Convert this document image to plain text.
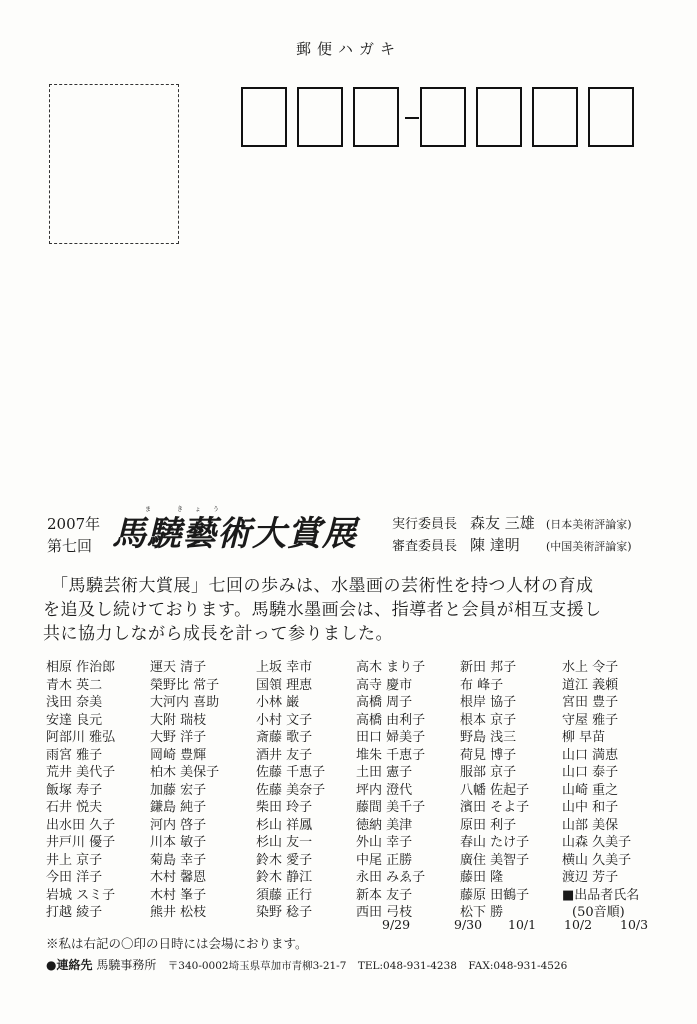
郵便ハガキ
2007年
第七回
ま きょう
馬驍藝術大賞展	実行委員長 森友 三雄 (日本美術評論家)
審査委員長 陳 達明 (中国美術評論家)
「馬驍芸術大賞展」七回の歩みは、水墨画の芸術性を持つ人材の育成
を追及し続けております。馬驍水墨画会は、指導者と会員が相互支援し
共に協力しながら成長を計って参りました。
相原 作治郎
青木 英二
浅田 奈美
安達 良元
阿部川 雅弘
雨宮 雅子
荒井 美代子
飯塚 寿子
石井 悦夫
出水田 久子
井戸川 優子
井上 京子
今田 洋子
岩城 スミ子
打越 綾子
運天 清子
榮野比 常子
大河内 喜助
大附 瑞枝
大野 洋子
岡崎 豊輝
柏木 美保子
加藤 宏子
鎌島 純子
河内 啓子
川本 敏子
菊島 幸子
木村 馨恩
木村 峯子
熊井 松枝
上坂 幸市
国領 理恵
小林 巌
小村 文子
斎藤 歌子
酒井 友子
佐藤 千恵子
佐藤 美奈子
柴田 玲子
杉山 祥鳳
杉山 友一
鈴木 愛子
鈴木 静江
須藤 正行
染野 稔子
高木 まり子
高寺 慶市
高橋 周子
高橋 由利子
田口 婦美子
堆朱 千恵子
土田 憲子
坪内 澄代
藤間 美千子
徳納 美津
外山 幸子
中尾 正勝
永田 みゑ子
新本 友子
西田 弓枝
新田 邦子
布 峰子
根岸 協子
根本 京子
野島 浅三
荷見 博子
服部 京子
八幡 佐起子
濱田 そよ子
原田 利子
春山 たけ子
廣住 美智子
藤田 隆
藤原 田鶴子
松下 勝
水上 令子
道江 義頼
宮田 豊子
守屋 雅子
柳 早苗
山口 満恵
山口 泰子
山崎 重之
山中 和子
山部 美保
山森 久美子
横山 久美子
渡辺 芳子
■出品者氏名
(50音順)
※私は右記の〇印の日時には会場におります。
9/29	9/30 10/1 10/2 10/3
●連絡先 馬驍事務所 〒340-0002埼玉県草加市青柳3-21-7 TEL:048-931-4238 FAX:048-931-4526
